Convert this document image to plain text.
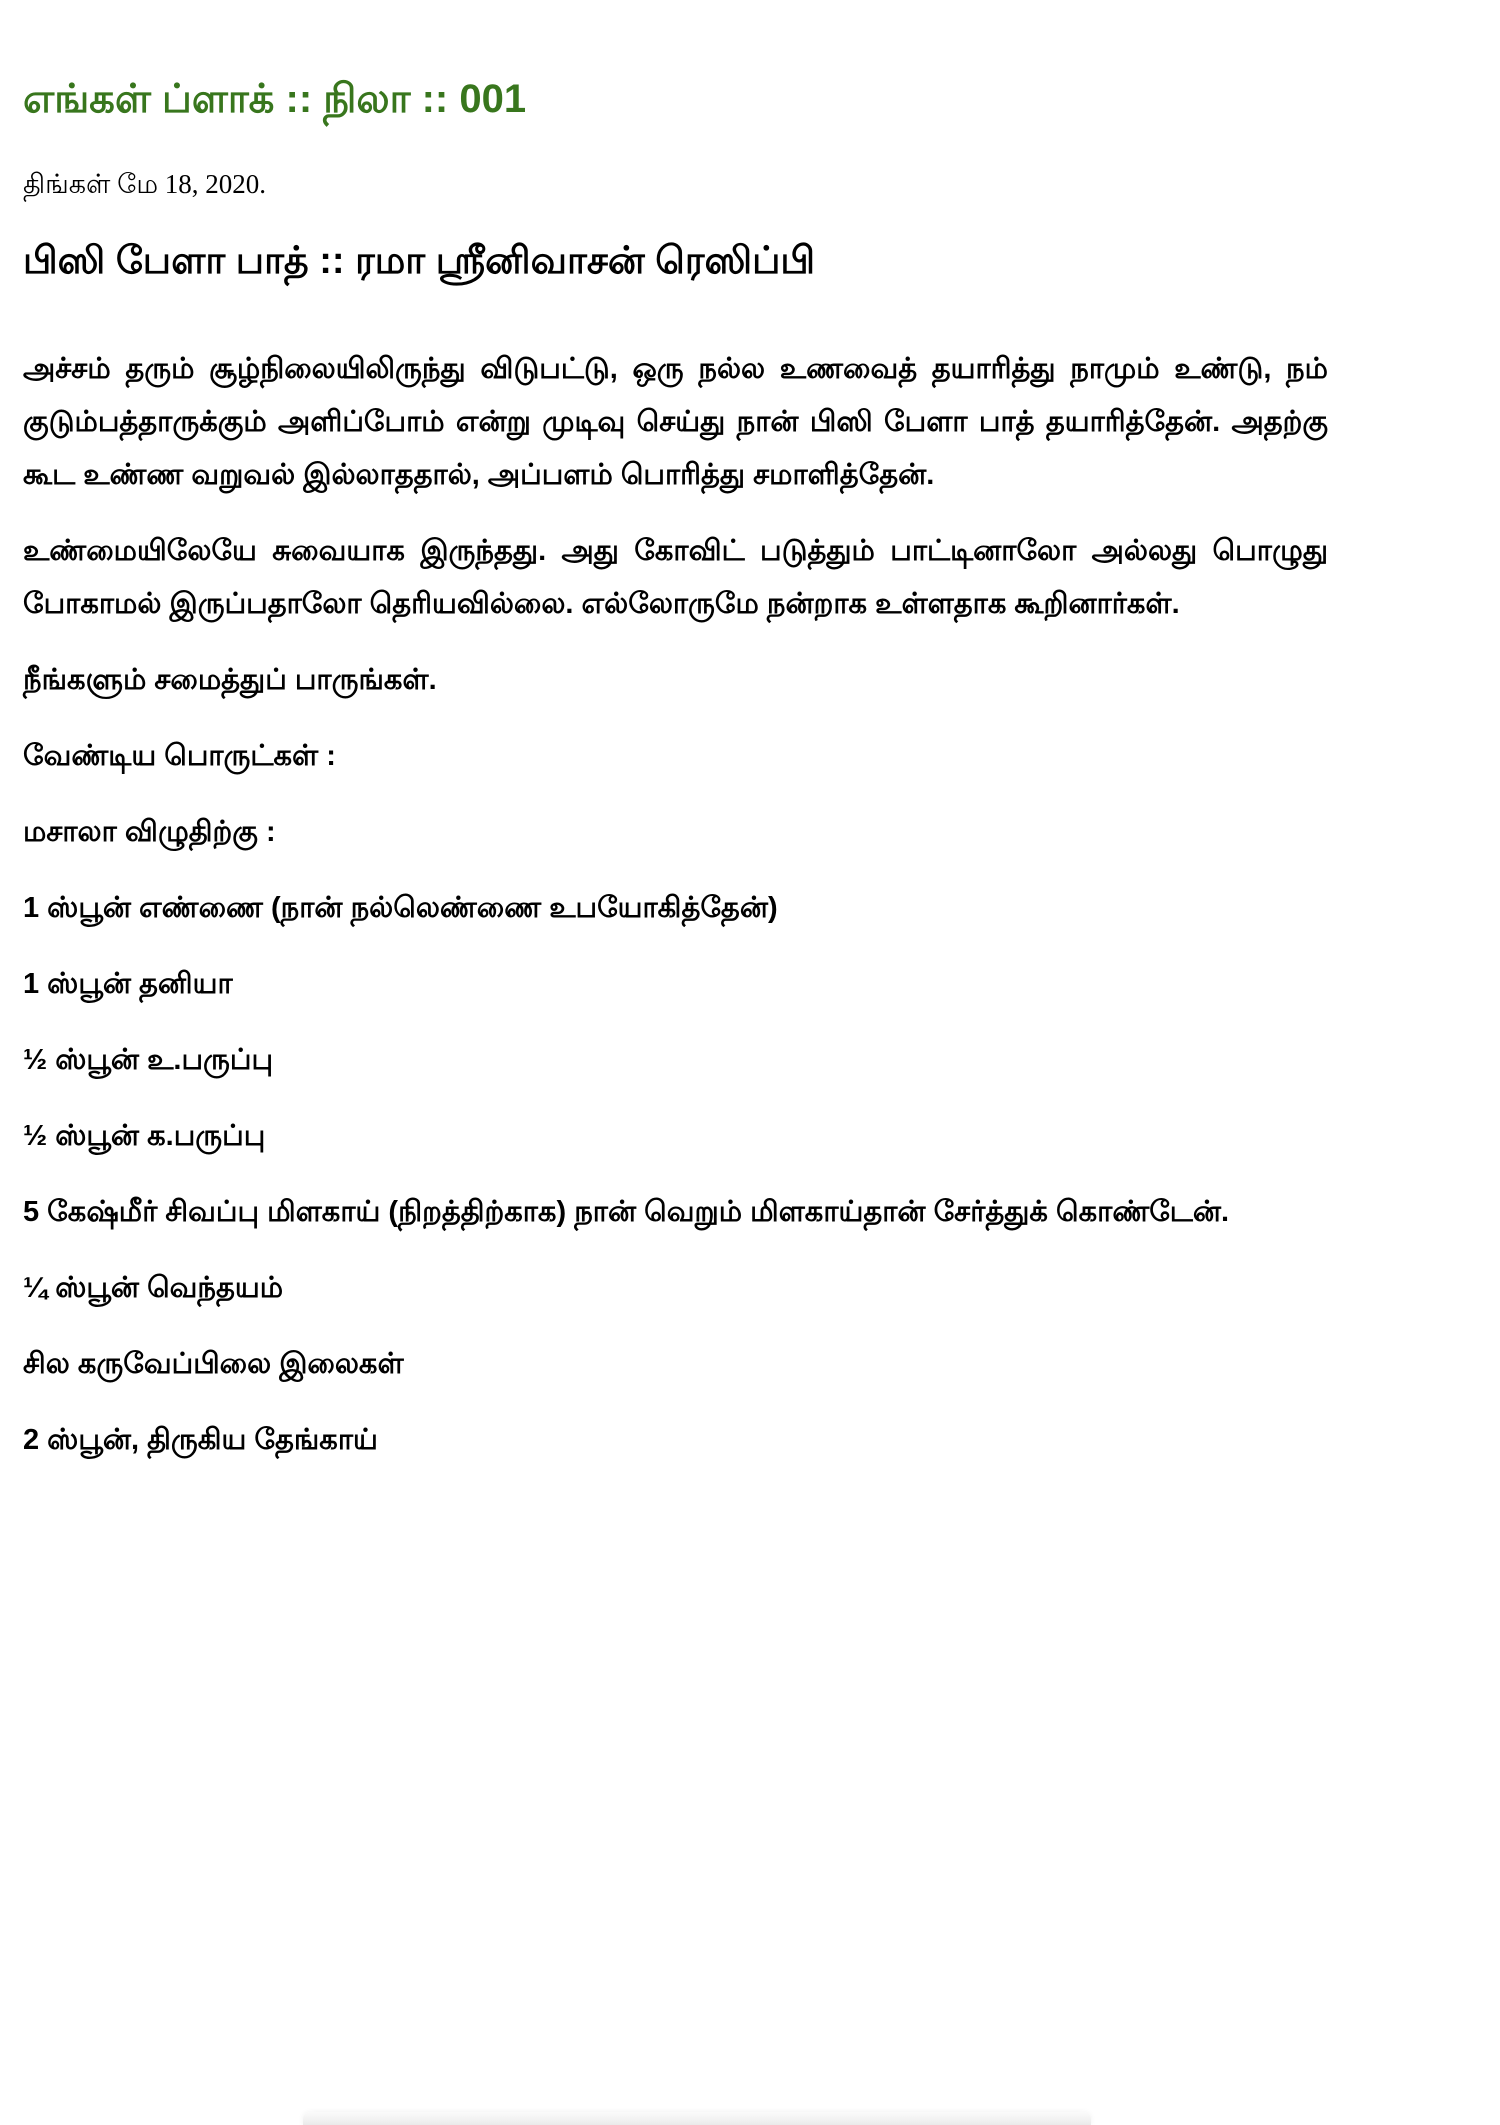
எங்கள் ப்ளாக் :: நிலா :: 001
திங்கள் மே 18, 2020.
பிஸி பேளா பாத் :: ரமா ஸ்ரீனிவாசன் ரெஸிப்பி

அச்சம் தரும் சூழ்நிலையிலிருந்து விடுபட்டு, ஒரு நல்ல உணவைத் தயாரித்து நாமும் உண்டு, நம் குடும்பத்தாருக்கும் அளிப்போம் என்று முடிவு செய்து நான் பிஸி பேளா பாத் தயாரித்தேன். அதற்கு கூட உண்ண வறுவல் இல்லாததால், அப்பளம் பொரித்து சமாளித்தேன்.

உண்மையிலேயே சுவையாக இருந்தது. அது கோவிட் படுத்தும் பாட்டினாலோ அல்லது பொழுது போகாமல் இருப்பதாலோ தெரியவில்லை. எல்லோருமே நன்றாக உள்ளதாக கூறினார்கள்.

நீங்களும் சமைத்துப் பாருங்கள்.

வேண்டிய பொருட்கள் :

மசாலா விழுதிற்கு :

1 ஸ்பூன் எண்ணை (நான் நல்லெண்ணை உபயோகித்தேன்)

1 ஸ்பூன் தனியா

½ ஸ்பூன் உ.பருப்பு

½ ஸ்பூன் க.பருப்பு

5 கேஷ்மீர் சிவப்பு மிளகாய் (நிறத்திற்காக) நான் வெறும் மிளகாய்தான் சேர்த்துக் கொண்டேன்.

¼ ஸ்பூன் வெந்தயம்

சில கருவேப்பிலை இலைகள்

2 ஸ்பூன், திருகிய தேங்காய்
